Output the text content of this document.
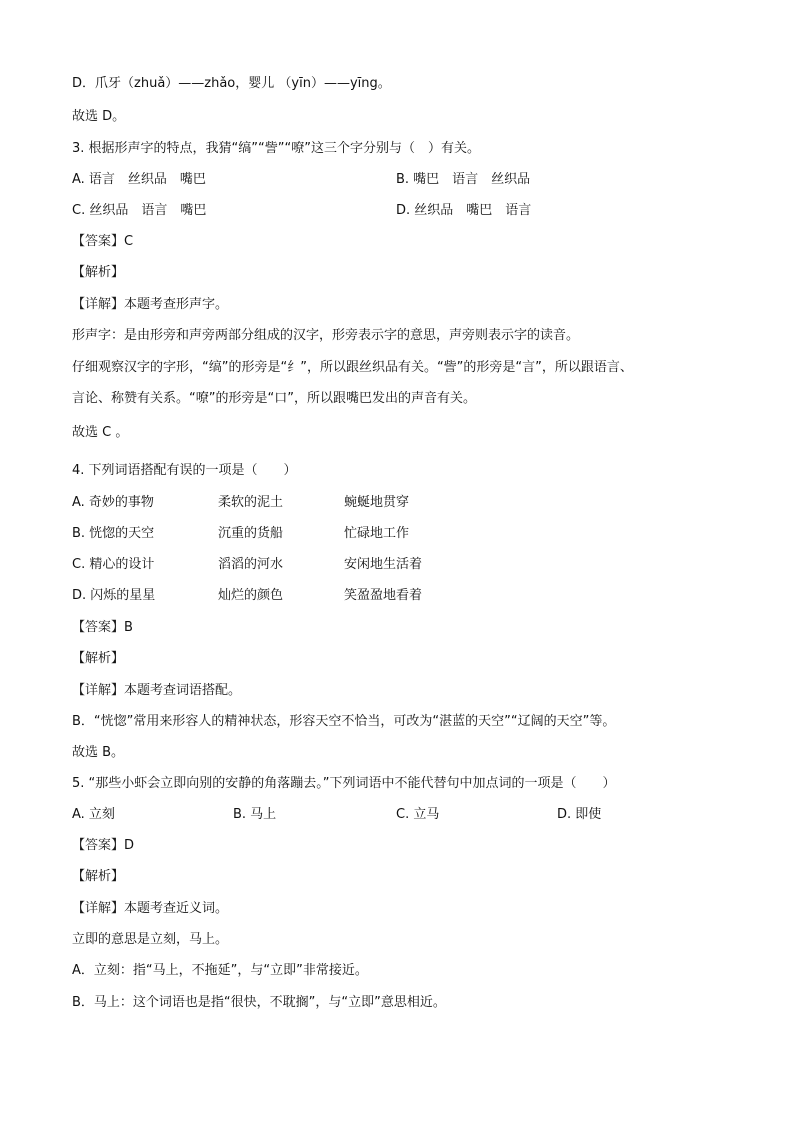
D．爪牙（zhuǎ）——zhǎo，婴儿 （yīn）——yīng。
故选 D。
3. 根据形声字的特点，我猜“缟”“訾”“嘹”这三个字分别与（　）有关。
A. 语言　丝织品　嘴巴	B. 嘴巴　语言　丝织品
C. 丝织品　语言　嘴巴	D. 丝织品　嘴巴　语言
【答案】C
【解析】
【详解】本题考查形声字。
形声字：是由形旁和声旁两部分组成的汉字，形旁表示字的意思，声旁则表示字的读音。
仔细观察汉字的字形，“缟”的形旁是“纟”，所以跟丝织品有关。“訾”的形旁是“言”，所以跟语言、
言论、称赞有关系。“嘹”的形旁是“口”，所以跟嘴巴发出的声音有关。
故选 C 。
4. 下列词语搭配有误的一项是（　　）
A. 奇妙的事物	柔软的泥土	蜿蜒地贯穿
B. 恍惚的天空	沉重的货船	忙碌地工作
C. 精心的设计	滔滔的河水	安闲地生活着
D. 闪烁的星星	灿烂的颜色	笑盈盈地看着
【答案】B
【解析】
【详解】本题考查词语搭配。
B．“恍惚”常用来形容人的精神状态，形容天空不恰当，可改为“湛蓝的天空”“辽阔的天空”等。
故选 B。
5. “那些小虾会立即向别的安静的角落蹦去。”下列词语中不能代替句中加点词的一项是（　　）
A. 立刻	B. 马上	C. 立马	D. 即使
【答案】D
【解析】
【详解】本题考查近义词。
立即的意思是立刻，马上。
A．立刻：指“马上，不拖延”，与“立即”非常接近。
B．马上：这个词语也是指“很快，不耽搁”，与“立即”意思相近。
